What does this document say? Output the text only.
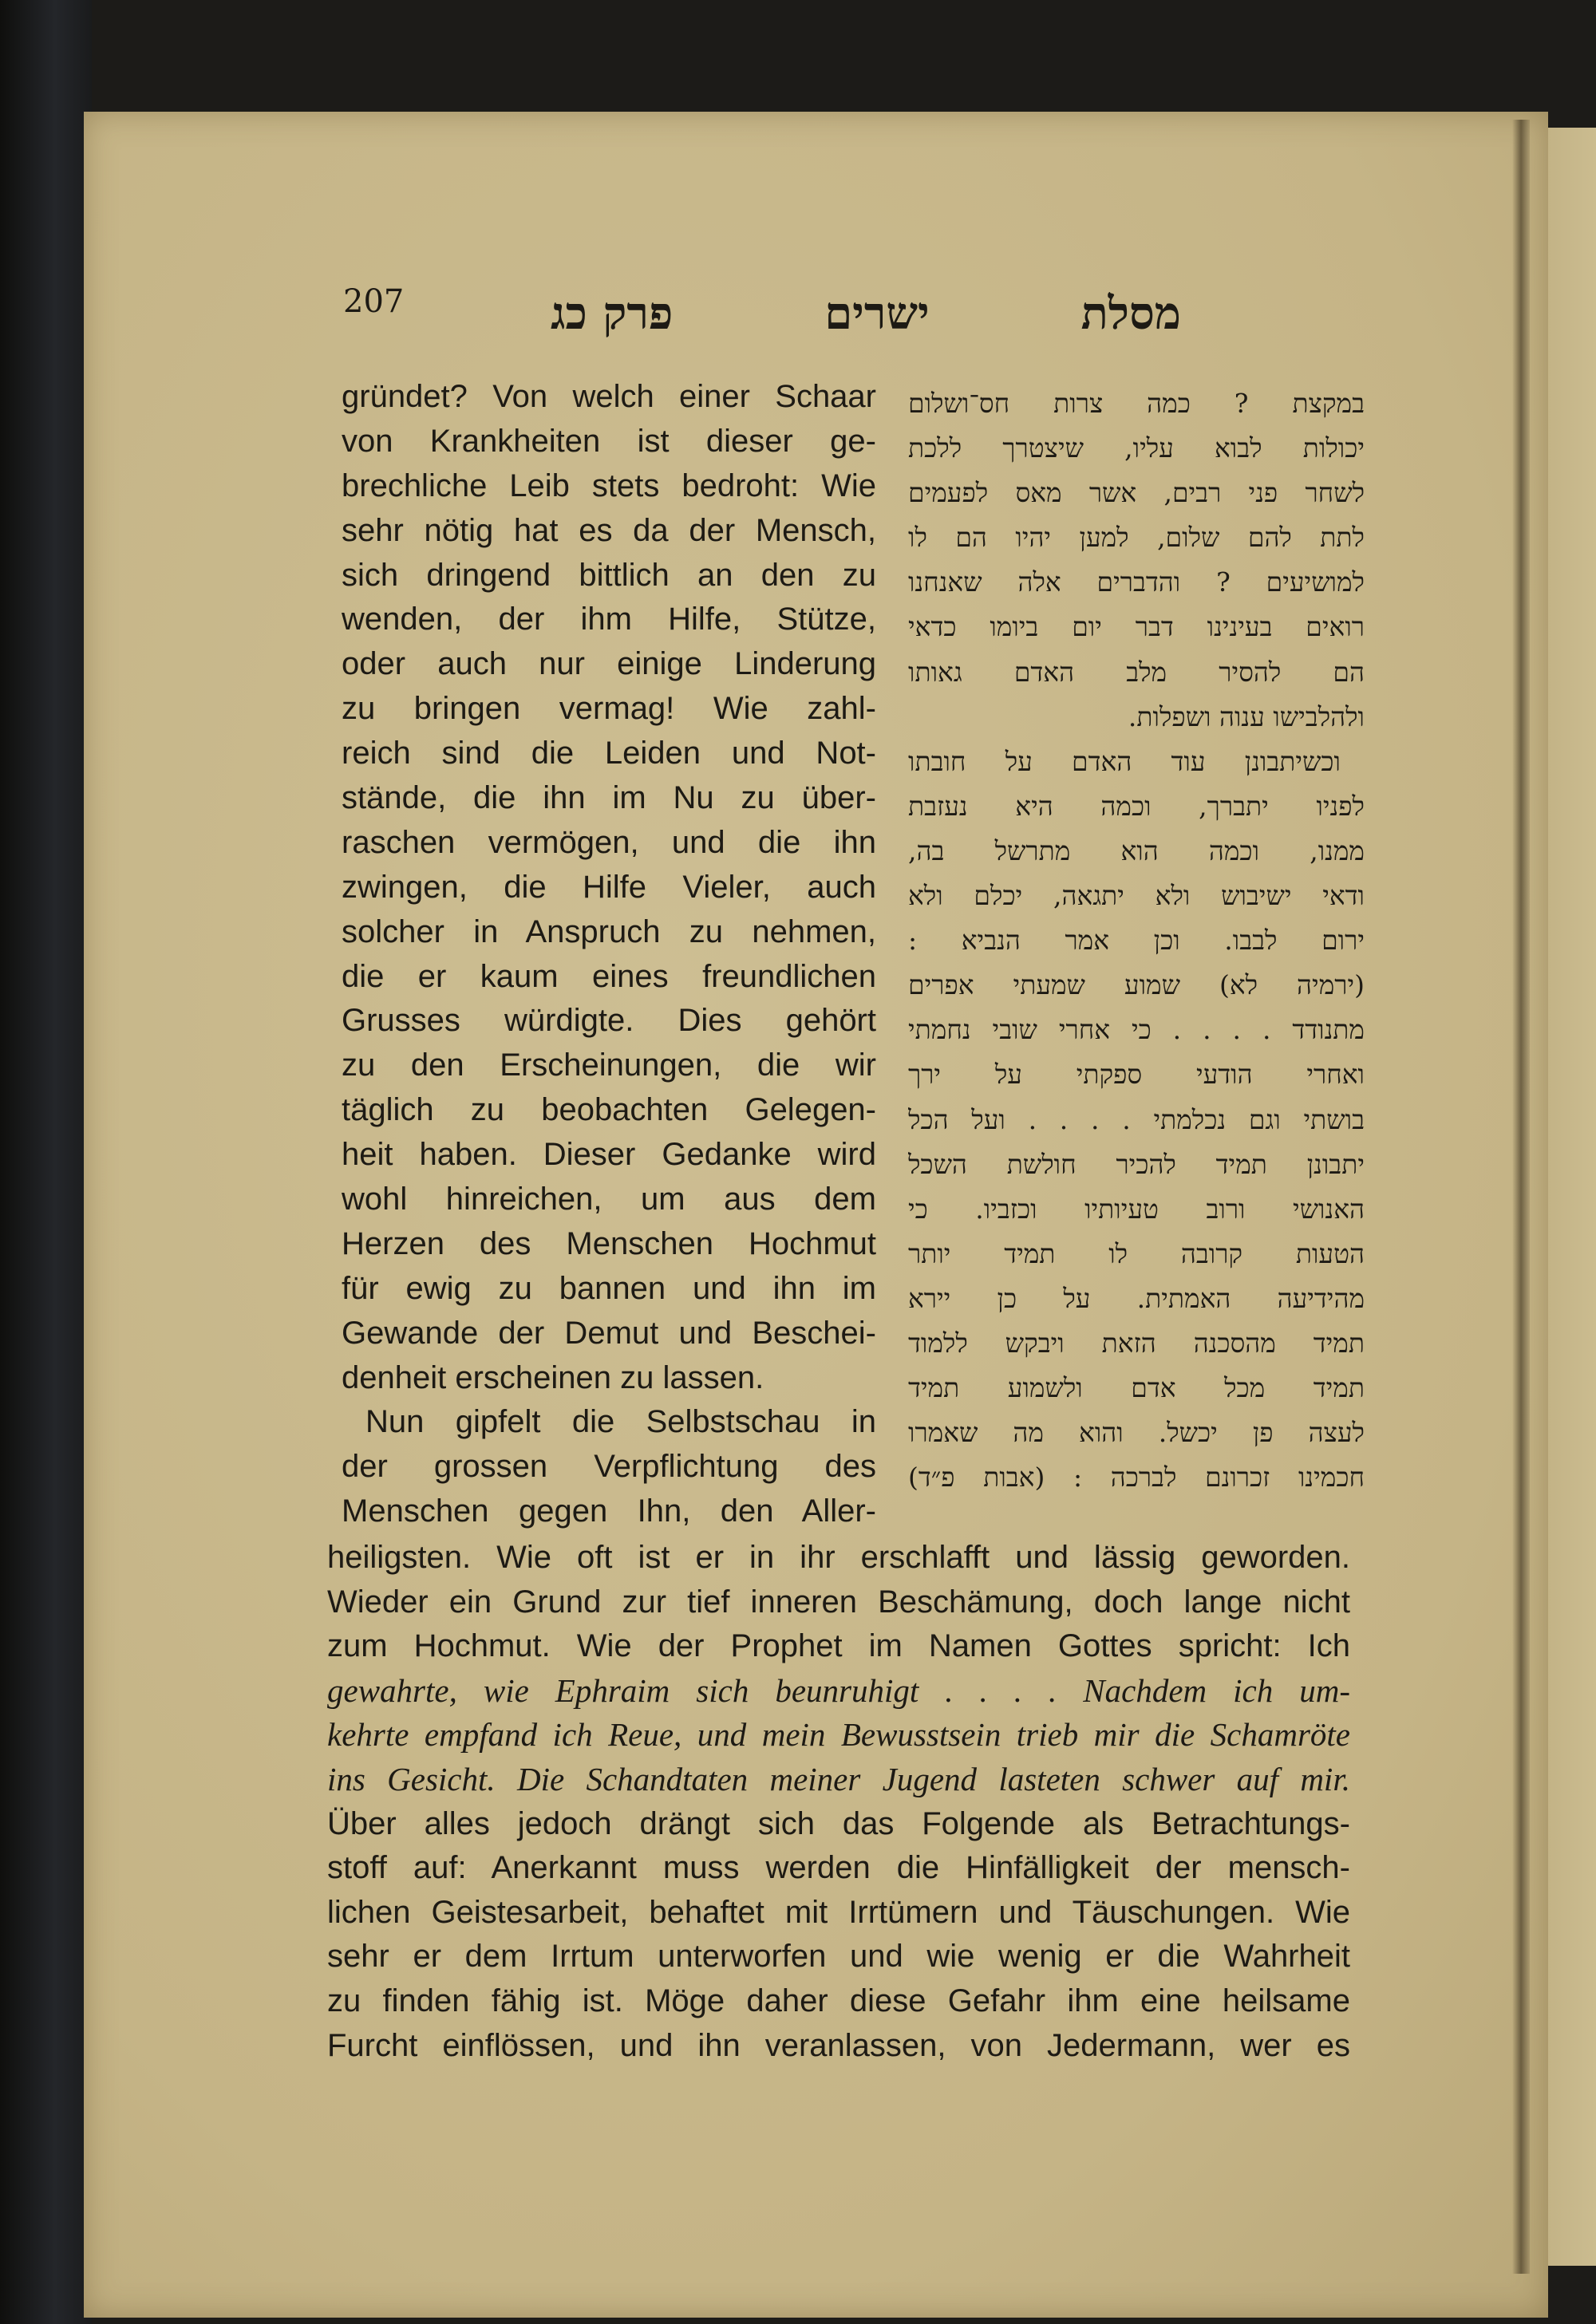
207	מסלת
ישרים
פרק כג
gründet? Von welch einer Schaar
von Krankheiten ist dieser ge-
brechliche Leib stets bedroht: Wie
sehr nötig hat es da der Mensch,
sich dringend bittlich an den zu
wenden, der ihm Hilfe, Stütze,
oder auch nur einige Linderung
zu bringen vermag! Wie zahl-
reich sind die Leiden und Not-
stände, die ihn im Nu zu über-
raschen vermögen, und die ihn
zwingen, die Hilfe Vieler, auch
solcher in Anspruch zu nehmen,
die er kaum eines freundlichen
Grusses würdigte. Dies gehört
zu den Erscheinungen, die wir
täglich zu beobachten Gelegen-
heit haben. Dieser Gedanke wird
wohl hinreichen, um aus dem
Herzen des Menschen Hochmut
für ewig zu bannen und ihn im
Gewande der Demut und Beschei-
denheit erscheinen zu lassen.
Nun gipfelt die Selbstschau in
der grossen Verpflichtung des
Menschen gegen Ihn, den Aller-
במקצת ? כמה צרות חס־ושלום
יכולות לבוא עליו, שיצטרך ללכת
לשחר פני רבים, אשר מאס לפעמים
לתת להם שלום, למען יהיו הם לו
למושיעים ? והדברים אלה שאנחנו
רואים בעינינו דבר יום ביומו כדאי
הם להסיר מלב האדם גאותו
ולהלבישו ענוה ושפלות.
וכשיתבונן עוד האדם על חובתו
לפניו יתברך, וכמה היא נעזבת
ממנו, וכמה הוא מתרשל בה,
ודאי ישיבוש ולא יתגאה, יכלם ולא
ירום לבבו. וכן אמר הנביא :
(ירמיה לא) שמוע שמעתי אפרים
מתנודד . . . . כי אחרי שובי נחמתי
ואחרי הודעי ספקתי על ירך
בושתי וגם נכלמתי . . . . ועל הכל
יתבונן תמיד להכיר חולשת השכל
האנושי ורוב טעיותיו וכזביו. כי
הטעות קרובה לו תמיד יותר
מהידיעה האמתית. על כן יירא
תמיד מהסכנה הזאת ויבקש ללמוד
תמיד מכל אדם ולשמוע תמיד
לעצה פן יכשל. והוא מה שאמרו
חכמינו זכרונם לברכה : (אבות פ״ד)
heiligsten. Wie oft ist er in ihr erschlafft und lässig geworden.
Wieder ein Grund zur tief inneren Beschämung, doch lange nicht
zum Hochmut. Wie der Prophet im Namen Gottes spricht: Ich
gewahrte, wie Ephraim sich beunruhigt . . . . Nachdem ich um-
kehrte empfand ich Reue, und mein Bewusstsein trieb mir die Schamröte
ins Gesicht. Die Schandtaten meiner Jugend lasteten schwer auf mir.
Über alles jedoch drängt sich das Folgende als Betrachtungs-
stoff auf: Anerkannt muss werden die Hinfälligkeit der mensch-
lichen Geistesarbeit, behaftet mit Irrtümern und Täuschungen. Wie
sehr er dem Irrtum unterworfen und wie wenig er die Wahrheit
zu finden fähig ist. Möge daher diese Gefahr ihm eine heilsame
Furcht einflössen, und ihn veranlassen, von Jedermann, wer es
